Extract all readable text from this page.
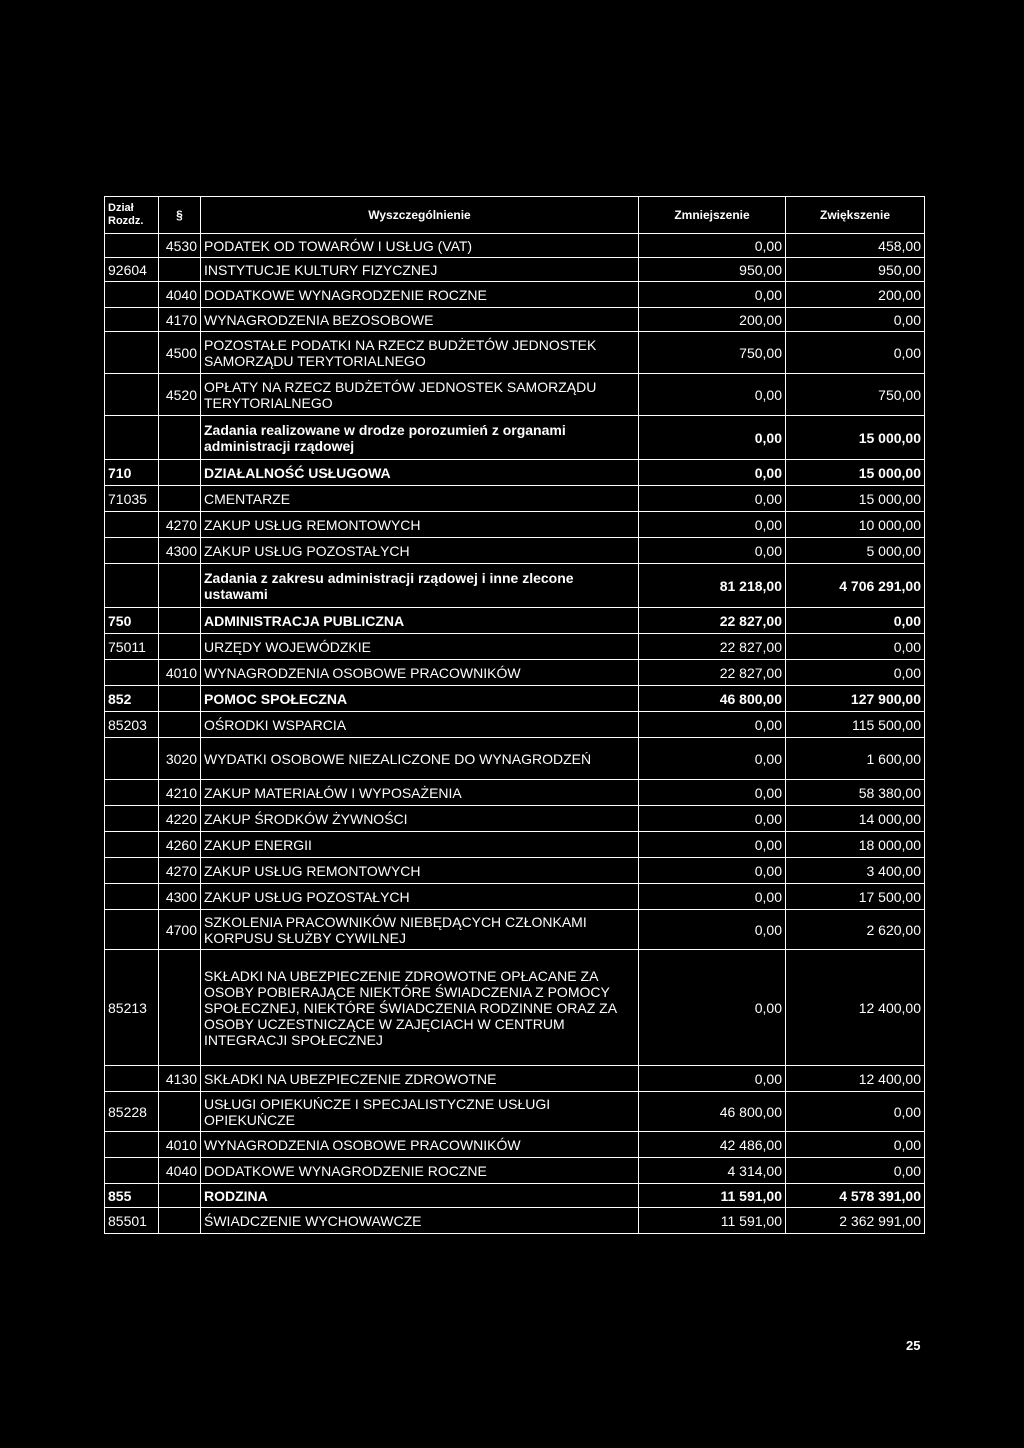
Dział
Rozdz.	§	Wyszczególnienie	Zmniejszenie	Zwiększenie
	4530	PODATEK OD TOWARÓW I USŁUG (VAT)	0,00	458,00
92604		INSTYTUCJE KULTURY FIZYCZNEJ	950,00	950,00
	4040	DODATKOWE WYNAGRODZENIE ROCZNE	0,00	200,00
	4170	WYNAGRODZENIA BEZOSOBOWE	200,00	0,00
	4500	POZOSTAŁE PODATKI NA RZECZ BUDŻETÓW JEDNOSTEK SAMORZĄDU TERYTORIALNEGO	750,00	0,00
	4520	OPŁATY NA RZECZ BUDŻETÓW JEDNOSTEK SAMORZĄDU TERYTORIALNEGO	0,00	750,00
		Zadania realizowane w drodze porozumień z organami administracji rządowej	0,00	15 000,00
710		DZIAŁALNOŚĆ USŁUGOWA	0,00	15 000,00
71035		CMENTARZE	0,00	15 000,00
	4270	ZAKUP USŁUG REMONTOWYCH	0,00	10 000,00
	4300	ZAKUP USŁUG POZOSTAŁYCH	0,00	5 000,00
		Zadania z zakresu administracji rządowej i inne zlecone ustawami	81 218,00	4 706 291,00
750		ADMINISTRACJA PUBLICZNA	22 827,00	0,00
75011		URZĘDY WOJEWÓDZKIE	22 827,00	0,00
	4010	WYNAGRODZENIA OSOBOWE PRACOWNIKÓW	22 827,00	0,00
852		POMOC SPOŁECZNA	46 800,00	127 900,00
85203		OŚRODKI WSPARCIA	0,00	115 500,00
	3020	WYDATKI OSOBOWE NIEZALICZONE DO WYNAGRODZEŃ	0,00	1 600,00
	4210	ZAKUP MATERIAŁÓW I WYPOSAŻENIA	0,00	58 380,00
	4220	ZAKUP ŚRODKÓW ŻYWNOŚCI	0,00	14 000,00
	4260	ZAKUP ENERGII	0,00	18 000,00
	4270	ZAKUP USŁUG REMONTOWYCH	0,00	3 400,00
	4300	ZAKUP USŁUG POZOSTAŁYCH	0,00	17 500,00
	4700	SZKOLENIA PRACOWNIKÓW NIEBĘDĄCYCH CZŁONKAMI KORPUSU SŁUŻBY CYWILNEJ	0,00	2 620,00
85213		SKŁADKI NA UBEZPIECZENIE ZDROWOTNE OPŁACANE ZA OSOBY POBIERAJĄCE NIEKTÓRE ŚWIADCZENIA Z POMOCY SPOŁECZNEJ, NIEKTÓRE ŚWIADCZENIA RODZINNE ORAZ ZA OSOBY UCZESTNICZĄCE W ZAJĘCIACH W CENTRUM INTEGRACJI SPOŁECZNEJ	0,00	12 400,00
	4130	SKŁADKI NA UBEZPIECZENIE ZDROWOTNE	0,00	12 400,00
85228		USŁUGI OPIEKUŃCZE I SPECJALISTYCZNE USŁUGI OPIEKUŃCZE	46 800,00	0,00
	4010	WYNAGRODZENIA OSOBOWE PRACOWNIKÓW	42 486,00	0,00
	4040	DODATKOWE WYNAGRODZENIE ROCZNE	4 314,00	0,00
855		RODZINA	11 591,00	4 578 391,00
85501		ŚWIADCZENIE WYCHOWAWCZE	11 591,00	2 362 991,00
25
